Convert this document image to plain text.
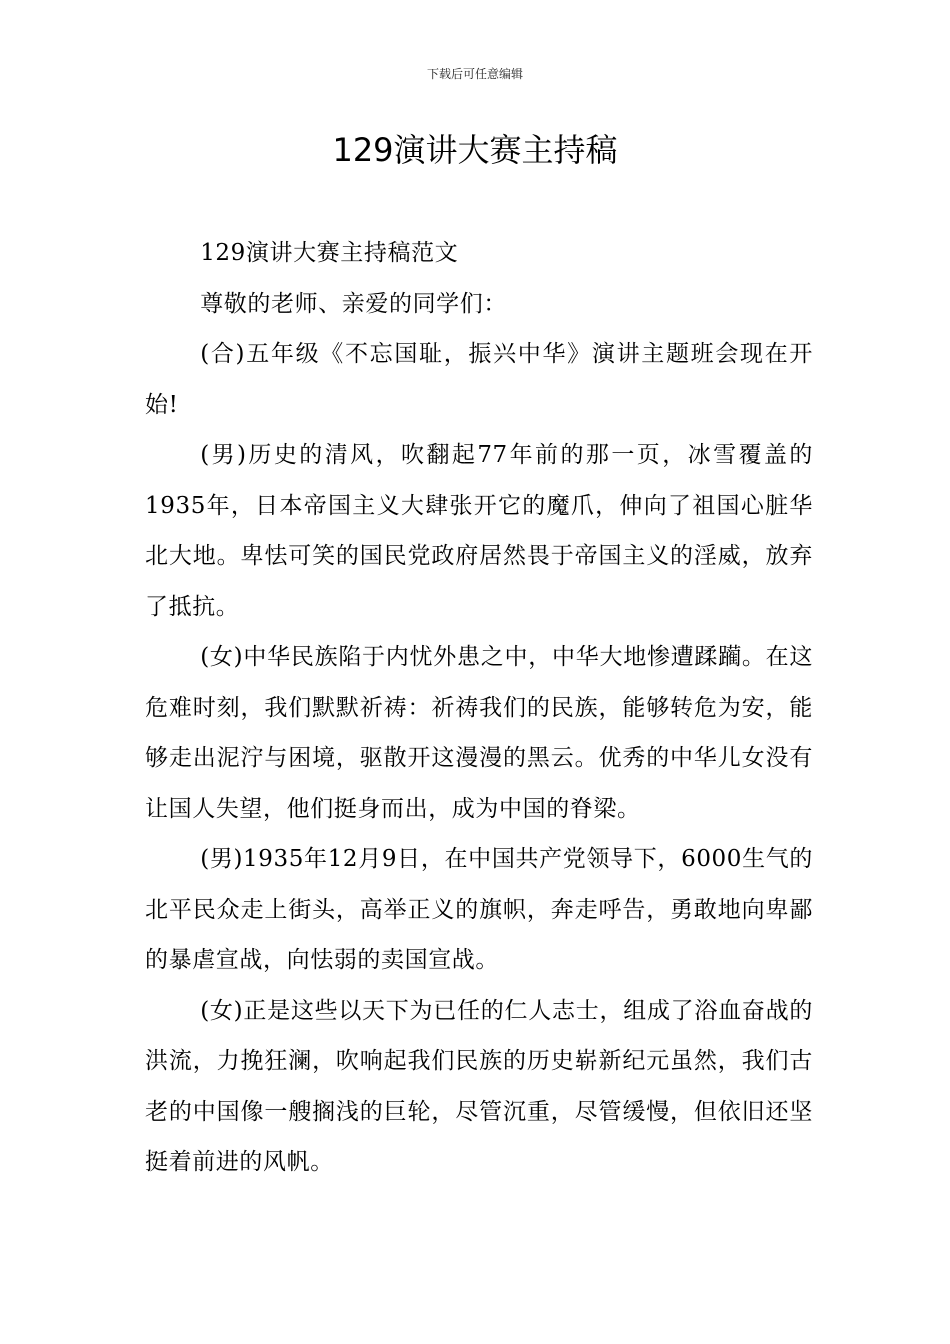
下载后可任意编辑
129演讲大赛主持稿

129演讲大赛主持稿范文

尊敬的老师、亲爱的同学们：

(合)五年级《不忘国耻，振兴中华》演讲主题班会现在开始!

(男)历史的清风，吹翻起77年前的那一页，冰雪覆盖的1935年，日本帝国主义大肆张开它的魔爪，伸向了祖国心脏华北大地。卑怯可笑的国民党政府居然畏于帝国主义的淫威，放弃了抵抗。

(女)中华民族陷于内忧外患之中，中华大地惨遭蹂躏。在这危难时刻，我们默默祈祷：祈祷我们的民族，能够转危为安，能够走出泥泞与困境，驱散开这漫漫的黑云。优秀的中华儿女没有让国人失望，他们挺身而出，成为中国的脊梁。

(男)1935年12月9日，在中国共产党领导下，6000生气的北平民众走上街头，高举正义的旗帜，奔走呼告，勇敢地向卑鄙的暴虐宣战，向怯弱的卖国宣战。

(女)正是这些以天下为已任的仁人志士，组成了浴血奋战的洪流，力挽狂澜，吹响起我们民族的历史崭新纪元虽然，我们古老的中国像一艘搁浅的巨轮，尽管沉重，尽管缓慢，但依旧还坚挺着前进的风帆。
